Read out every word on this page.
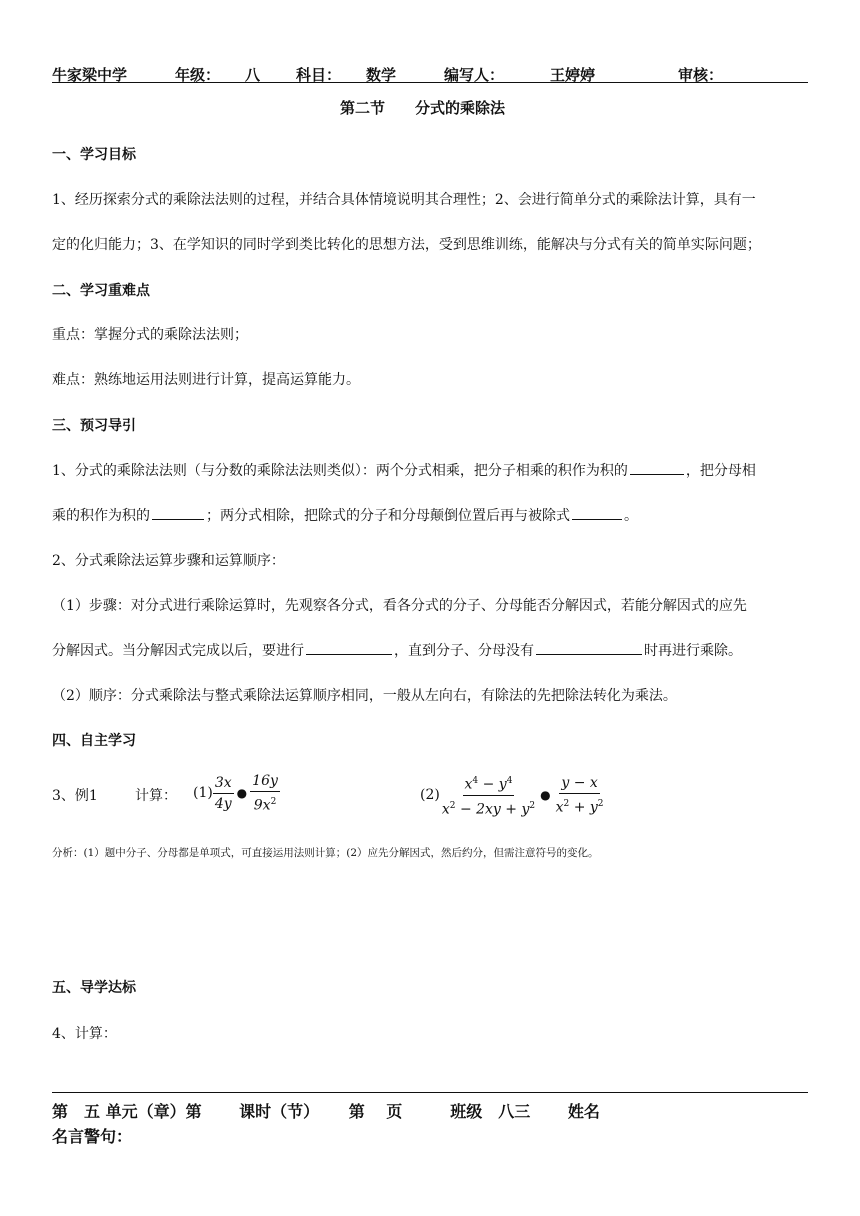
牛家梁中学	年级： 八 科目： 数学	编写人：	王婷婷	审核：
第二节　　分式的乘除法
一、学习目标
1、经历探索分式的乘除法法则的过程，并结合具体情境说明其合理性；2、会进行简单分式的乘除法计算，具有一
定的化归能力；3、在学知识的同时学到类比转化的思想方法，受到思维训练，能解决与分式有关的简单实际问题；
二、学习重难点
重点：掌握分式的乘除法法则；
难点：熟练地运用法则进行计算，提高运算能力。
三、预习导引
1、分式的乘除法法则（与分数的乘除法法则类似）：两个分式相乘，把分子相乘的积作为积的	，把分母相
乘的积作为积的	；两分式相除，把除式的分子和分母颠倒位置后再与被除式	。
2、分式乘除法运算步骤和运算顺序：
（1）步骤：对分式进行乘除运算时，先观察各分式，看各分式的分子、分母能否分解因式，若能分解因式的应先
分解因式。当分解因式完成以后，要进行	，直到分子、分母没有	时再进行乘除。
（2）顺序：分式乘除法与整式乘除法运算顺序相同，一般从左向右，有除法的先把除法转化为乘法。
四、自主学习
3、例1	计算： $(1) \frac{3x}{4y}$ ● $\frac{16y}{9x^2}$	$(2) \frac{x^4 - y^4}{x^2 - 2xy + y^2}$ ● $\frac{y - x}{x^2 + y^2}$
分析：(1）题中分子、分母都是单项式，可直接运用法则计算；(2）应先分解因式，然后约分，但需注意符号的变化。
五、导学达标
4、计算：
第　五 单元（章）第　　 课时（节）　　 第　 页　　　班级　八三　　 姓名
名言警句：
